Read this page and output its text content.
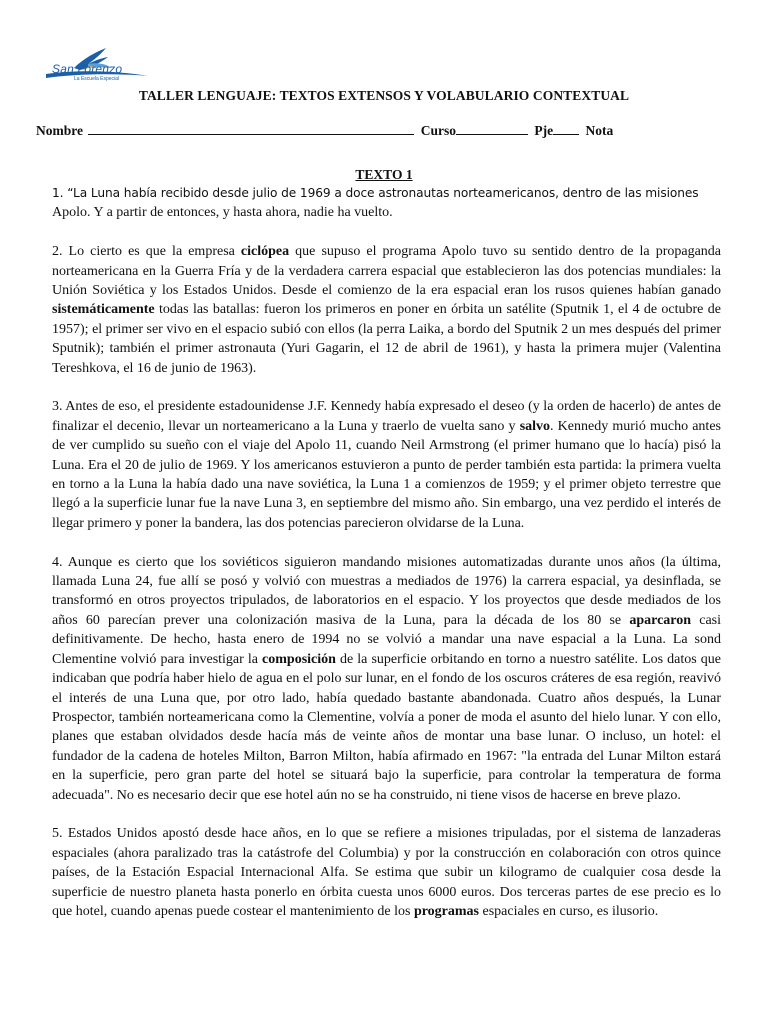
San Lorenzo
La Escuela Especial
TALLER LENGUAJE: TEXTOS EXTENSOS Y VOLABULARIO CONTEXTUAL
Nombre	Curso	Pje Nota
TEXTO 1

1. “La Luna había recibido desde julio de 1969 a doce astronautas norteamericanos, dentro de las misiones
Apolo. Y a partir de entonces, y hasta ahora, nadie ha vuelto.

2. Lo cierto es que la empresa ciclópea que supuso el programa Apolo tuvo su sentido dentro de la propaganda norteamericana en la Guerra Fría y de la verdadera carrera espacial que establecieron las dos potencias mundiales: la Unión Soviética y los Estados Unidos. Desde el comienzo de la era espacial eran los rusos quienes habían ganado sistemáticamente todas las batallas: fueron los primeros en poner en órbita un satélite (Sputnik 1, el 4 de octubre de 1957); el primer ser vivo en el espacio subió con ellos (la perra Laika, a bordo del Sputnik 2 un mes después del primer Sputnik); también el primer astronauta (Yuri Gagarin, el 12 de abril de 1961), y hasta la primera mujer (Valentina Tereshkova, el 16 de junio de 1963).

3. Antes de eso, el presidente estadounidense J.F. Kennedy había expresado el deseo (y la orden de hacerlo) de antes de finalizar el decenio, llevar un norteamericano a la Luna y traerlo de vuelta sano y salvo. Kennedy murió mucho antes de ver cumplido su sueño con el viaje del Apolo 11, cuando Neil Armstrong (el primer humano que lo hacía) pisó la Luna. Era el 20 de julio de 1969. Y los americanos estuvieron a punto de perder también esta partida: la primera vuelta en torno a la Luna la había dado una nave soviética, la Luna 1 a comienzos de 1959; y el primer objeto terrestre que llegó a la superficie lunar fue la nave Luna 3, en septiembre del mismo año. Sin embargo, una vez perdido el interés de llegar primero y poner la bandera, las dos potencias parecieron olvidarse de la Luna.

4. Aunque es cierto que los soviéticos siguieron mandando misiones automatizadas durante unos años (la última, llamada Luna 24, fue allí se posó y volvió con muestras a mediados de 1976) la carrera espacial, ya desinflada, se transformó en otros proyectos tripulados, de laboratorios en el espacio. Y los proyectos que desde mediados de los años 60 parecían prever una colonización masiva de la Luna, para la década de los 80 se aparcaron casi definitivamente. De hecho, hasta enero de 1994 no se volvió a mandar una nave espacial a la Luna. La sond Clementine volvió para investigar la composición de la superficie orbitando en torno a nuestro satélite. Los datos que indicaban que podría haber hielo de agua en el polo sur lunar, en el fondo de los oscuros cráteres de esa región, reavivó el interés de una Luna que, por otro lado, había quedado bastante abandonada. Cuatro años después, la Lunar Prospector, también norteamericana como la Clementine, volvía a poner de moda el asunto del hielo lunar. Y con ello, planes que estaban olvidados desde hacía más de veinte años de montar una base lunar. O incluso, un hotel: el fundador de la cadena de hoteles Milton, Barron Milton, había afirmado en 1967: "la entrada del Lunar Milton estará en la superficie, pero gran parte del hotel se situará bajo la superficie, para controlar la temperatura de forma adecuada". No es necesario decir que ese hotel aún no se ha construido, ni tiene visos de hacerse en breve plazo.

5. Estados Unidos apostó desde hace años, en lo que se refiere a misiones tripuladas, por el sistema de lanzaderas espaciales (ahora paralizado tras la catástrofe del Columbia) y por la construcción en colaboración con otros quince países, de la Estación Espacial Internacional Alfa. Se estima que subir un kilogramo de cualquier cosa desde la superficie de nuestro planeta hasta ponerlo en órbita cuesta unos 6000 euros. Dos terceras partes de ese precio es lo que hotel, cuando apenas puede costear el mantenimiento de los programas espaciales en curso, es ilusorio.
